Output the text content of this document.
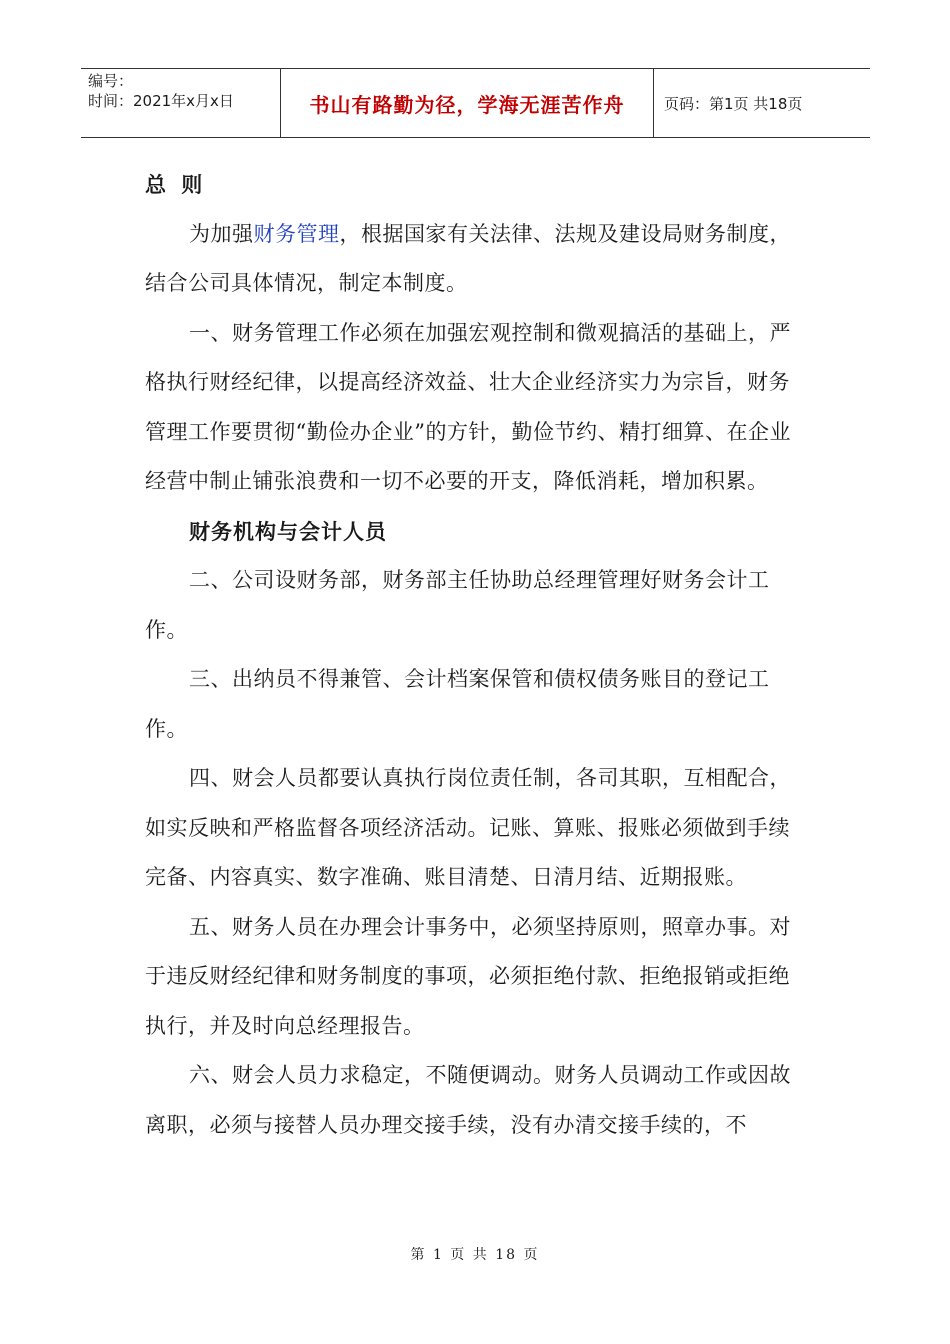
编号：
时间：2021年x月x日	书山有路勤为径，学海无涯苦作舟	页码：第1页 共18页

总 则

为加强财务管理，根据国家有关法律、法规及建设局财务制度，结合公司具体情况，制定本制度。

一、财务管理工作必须在加强宏观控制和微观搞活的基础上，严格执行财经纪律，以提高经济效益、壮大企业经济实力为宗旨，财务管理工作要贯彻“勤俭办企业”的方针，勤俭节约、精打细算、在企业经营中制止铺张浪费和一切不必要的开支，降低消耗，增加积累。

财务机构与会计人员

二、公司设财务部，财务部主任协助总经理管理好财务会计工作。

三、出纳员不得兼管、会计档案保管和债权债务账目的登记工作。

四、财会人员都要认真执行岗位责任制，各司其职，互相配合，如实反映和严格监督各项经济活动。记账、算账、报账必须做到手续完备、内容真实、数字准确、账目清楚、日清月结、近期报账。

五、财务人员在办理会计事务中，必须坚持原则，照章办事。对于违反财经纪律和财务制度的事项，必须拒绝付款、拒绝报销或拒绝执行，并及时向总经理报告。

六、财会人员力求稳定，不随便调动。财务人员调动工作或因故离职，必须与接替人员办理交接手续，没有办清交接手续的，不

第 1 页 共 18 页
